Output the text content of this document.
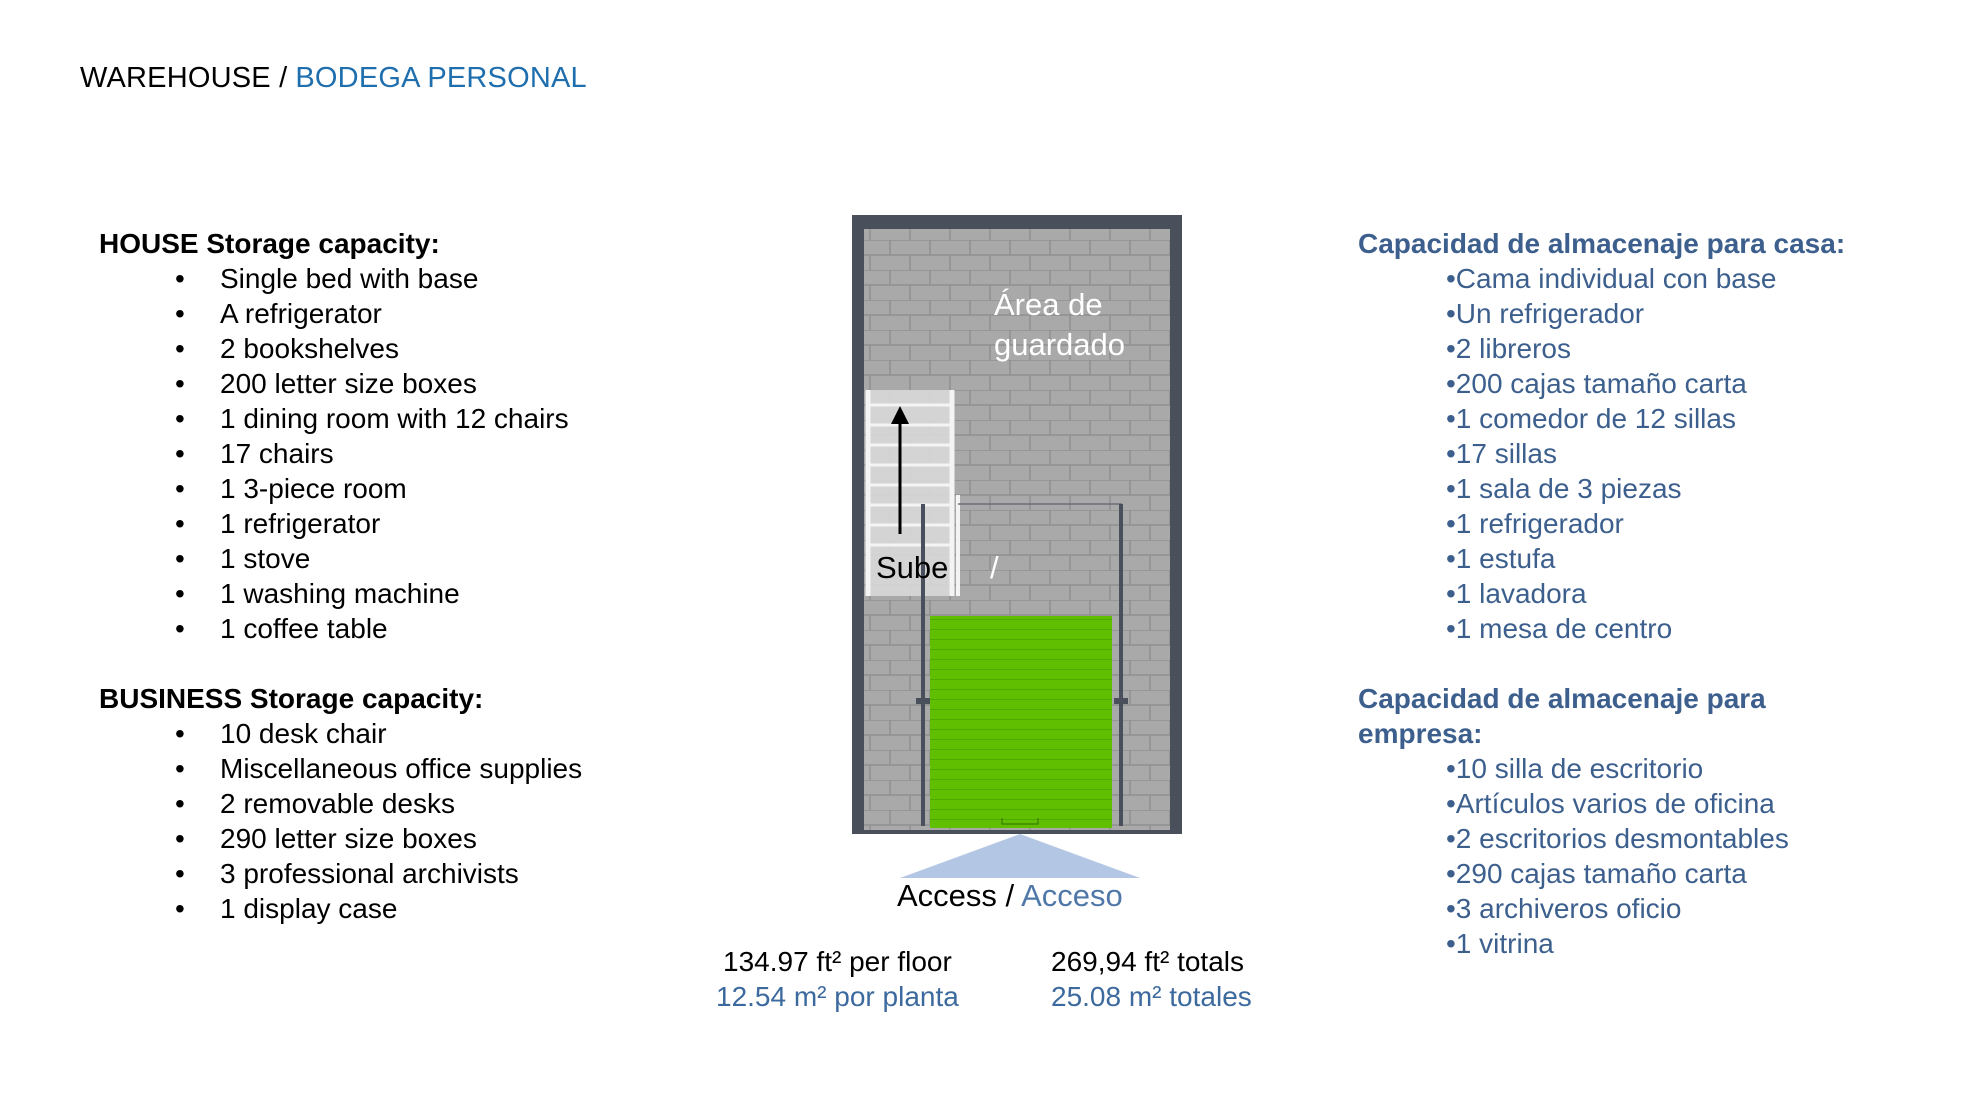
WAREHOUSE / BODEGA PERSONAL

HOUSE Storage capacity:

• Single bed with base
• A refrigerator
• 2 bookshelves
• 200 letter size boxes
• 1 dining room with 12 chairs
• 17 chairs
• 1 3-piece room
• 1 refrigerator
• 1 stove
• 1 washing machine
• 1 coffee table

BUSINESS Storage capacity:

• 10 desk chair
• Miscellaneous office supplies
• 2 removable desks
• 290 letter size boxes
• 3 professional archivists
• 1 display case

Capacidad de almacenaje para casa:

•Cama individual con base
•Un refrigerador
•2 libreros
•200 cajas tamaño carta
•1 comedor de 12 sillas
•17 sillas
•1 sala de 3 piezas
•1 refrigerador
•1 estufa
•1 lavadora
•1 mesa de centro

Capacidad de almacenaje para

empresa:

•10 silla de escritorio
•Artículos varios de oficina
•2 escritorios desmontables
•290 cajas tamaño carta
•3 archiveros oficio
•1 vitrina
Área de
guardado
Sube /
Access / Acceso
134.97 ft² per floor
12.54 m² por planta
269,94 ft² totals
25.08 m² totales
